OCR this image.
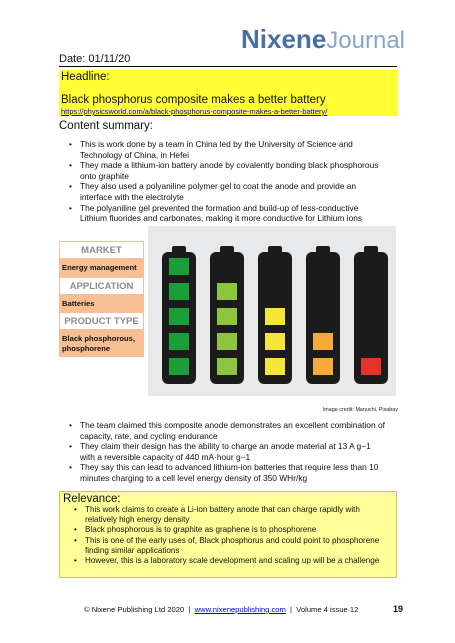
NixeneJournal
Date: 01/11/20
Headline:
Black phosphorus composite makes a better battery
https://physicsworld.com/a/black-phosphorus-composite-makes-a-better-battery/
Content summary:
• This is work done by a team in China led by the University of Science and Technology of China, in Hefei
• They made a lithium-ion battery anode by covalently bonding black phosphorous onto graphite
• They also used a polyaniline polymer gel to coat the anode and provide an interface with the electrolyte
• The polyaniline gel prevented the formation and build-up of less-conductive Lithium fluorides and carbonates, making it more conductive for Lithium ions
MARKET
Energy management
APPLICATION
Batteries
PRODUCT TYPE
Black phosphorous, phosphorene
Image credit: Manuchi, Pixabay
• The team claimed this composite anode demonstrates an excellent combination of capacity, rate, and cycling endurance
• They claim their design has the ability to charge an anode material at 13 A g−1 with a reversible capacity of 440 mA·hour g−1
• They say this can lead to advanced lithium-ion batteries that require less than 10 minutes charging to a cell level energy density of 350 WHr/kg
Relevance:
• This work claims to create a Li-ion battery anode that can charge rapidly with relatively high energy density
• Black phosphorous is to graphite as graphene is to phosphorene
• This is one of the early uses of, Black phosphorus and could point to phosphorene finding similar applications
• However, this is a laboratory scale development and scaling up will be a challenge
© Nixene Publishing Ltd 2020 | www.nixenepublishing.com | Volume 4 issue 12	19
